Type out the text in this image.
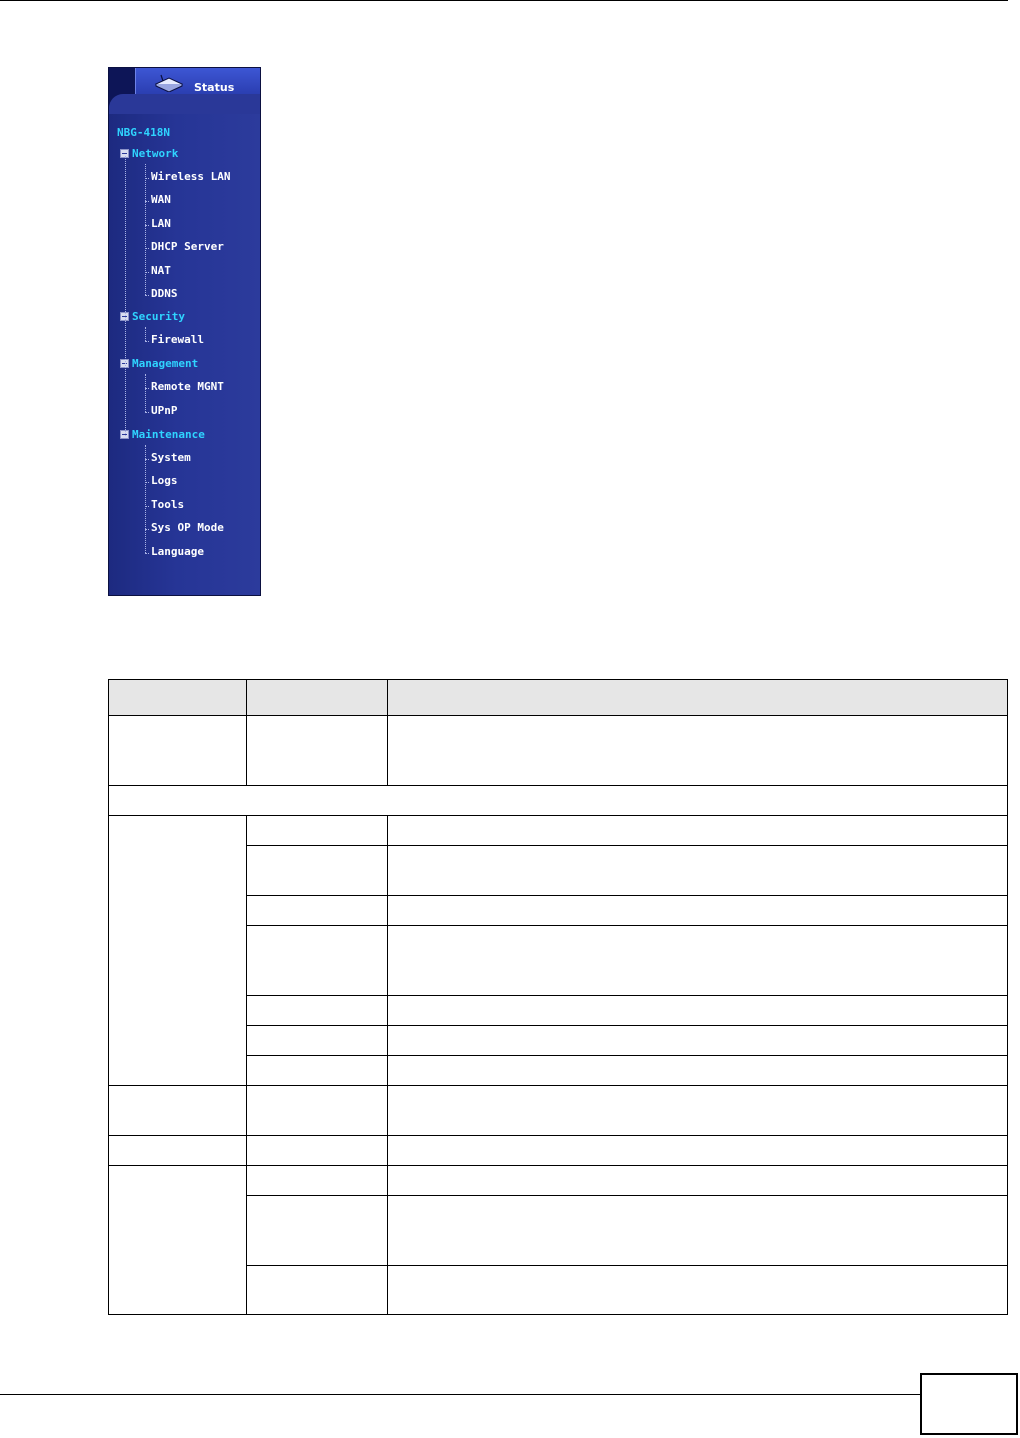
Status
NBG-418N
Network
Wireless LAN
WAN
LAN
DHCP Server
NAT
DDNS
Security
Firewall
Management
Remote MGNT
UPnP
Maintenance
System
Logs
Tools
Sys OP Mode
Language
